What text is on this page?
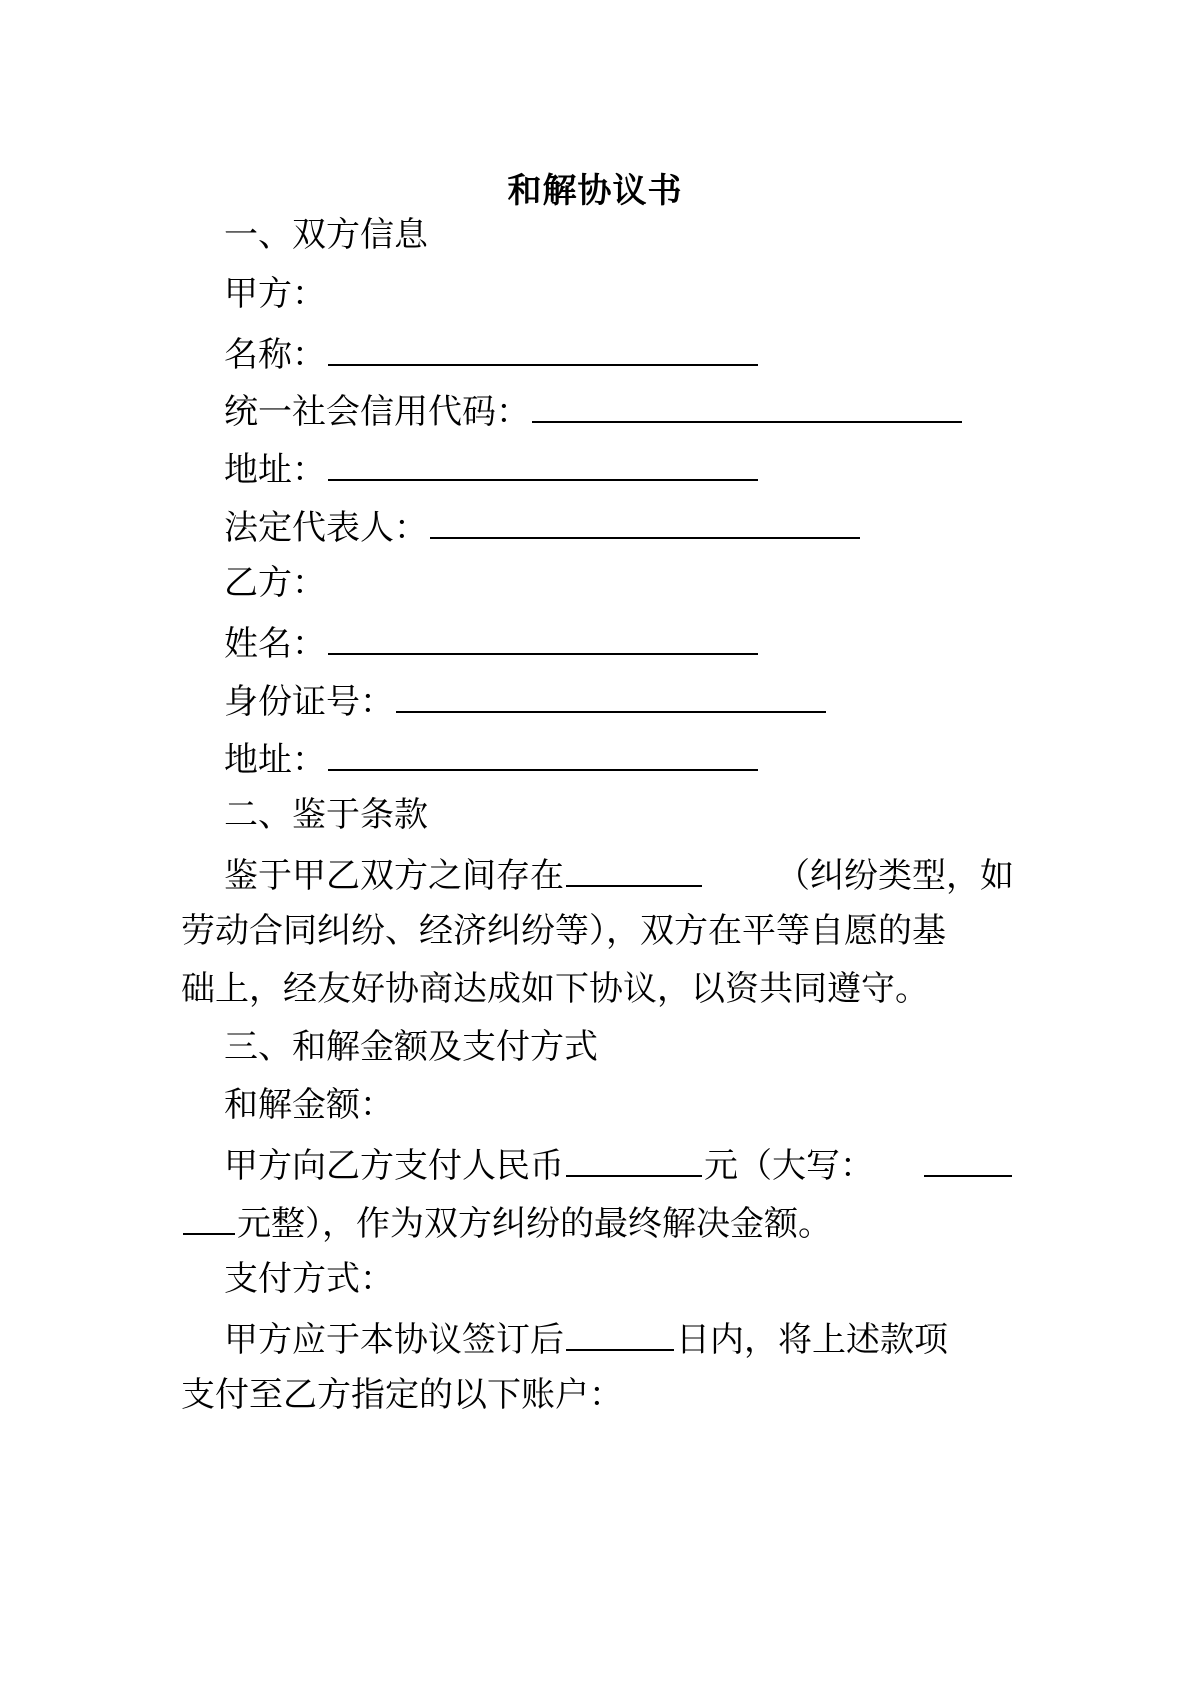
和解协议书
一、双方信息
甲方：
名称：
统一社会信用代码：
地址：
法定代表人：
乙方：
姓名：
身份证号：
地址：
二、鉴于条款
鉴于甲乙双方之间存在	（纠纷类型，如
劳动合同纠纷、经济纠纷等），双方在平等自愿的基
础上，经友好协商达成如下协议，以资共同遵守。
三、和解金额及支付方式
和解金额：
甲方向乙方支付人民币	元（大写：
元整），作为双方纠纷的最终解决金额。
支付方式：
甲方应于本协议签订后	日内，将上述款项
支付至乙方指定的以下账户：
